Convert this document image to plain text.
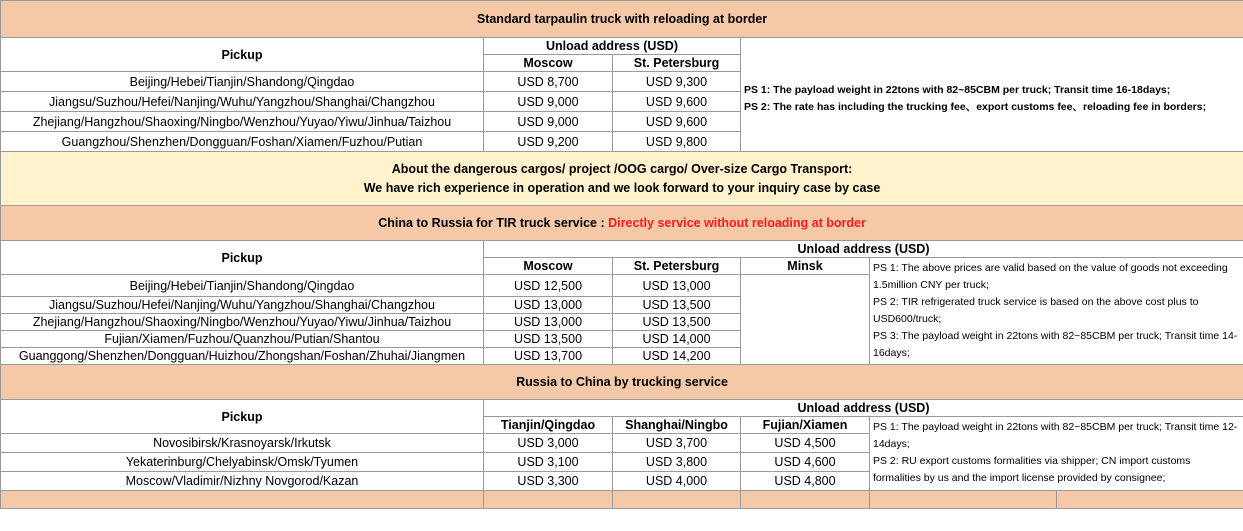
Standard tarpaulin truck with reloading at border					
Pickup	Unload address (USD)		PS 1: The payload weight in 22tons with 82~85CBM per truck; Transit time 16-18days;
PS 2: The rate has including the trucking fee、export customs fee、reloading fee in borders;		

	Moscow	St. Petersburg			
Beijing/Hebei/Tianjin/Shandong/Qingdao	USD 8,700	USD 9,300			
Jiangsu/Suzhou/Hefei/Nanjing/Wuhu/Yangzhou/Shanghai/Changzhou	USD 9,000	USD 9,600			
Zhejiang/Hangzhou/Shaoxing/Ningbo/Wenzhou/Yuyao/Yiwu/Jinhua/Taizhou	USD 9,000	USD 9,600			
Guangzhou/Shenzhen/Dongguan/Foshan/Xiamen/Fuzhou/Putian	USD 9,200	USD 9,800			

About the dangerous cargos/ project /OOG cargo/ Over-size Cargo Transport:
We have rich experience in operation and we look forward to your inquiry case by case					

China to Russia for TIR truck service : Directly service without reloading at border					
Pickup	Unload address (USD)				
	Moscow	St. Petersburg	Minsk	PS 1: The above prices are valid based on the value of goods not exceeding 1.5million CNY per truck;
PS 2: TIR refrigerated truck service is based on the above cost plus to USD600/truck;
PS 3: The payload weight in 22tons with 82~85CBM per truck; Transit time 14-16days;	
Beijing/Hebei/Tianjin/Shandong/Qingdao	USD 12,500	USD 13,000			
Jiangsu/Suzhou/Hefei/Nanjing/Wuhu/Yangzhou/Shanghai/Changzhou	USD 13,000	USD 13,500			
Zhejiang/Hangzhou/Shaoxing/Ningbo/Wenzhou/Yuyao/Yiwu/Jinhua/Taizhou	USD 13,000	USD 13,500			
Fujian/Xiamen/Fuzhou/Quanzhou/Putian/Shantou	USD 13,500	USD 14,000			
Guanggong/Shenzhen/Dongguan/Huizhou/Zhongshan/Foshan/Zhuhai/Jiangmen	USD 13,700	USD 14,200			
Russia to China by trucking service					
Pickup	Unload address (USD)				
	Tianjin/Qingdao	Shanghai/Ningbo	Fujian/Xiamen	PS 1: The payload weight in 22tons with 82~85CBM per truck; Transit time 12-14days;
PS 2: RU export customs formalities via shipper; CN import customs formalities by us and the import license provided by consignee;	
Novosibirsk/Krasnoyarsk/Irkutsk	USD 3,000	USD 3,700	USD 4,500		
Yekaterinburg/Chelyabinsk/Omsk/Tyumen	USD 3,100	USD 3,800	USD 4,600		
Moscow/Vladimir/Nizhny Novgorod/Kazan	USD 3,300	USD 4,000	USD 4,800		
